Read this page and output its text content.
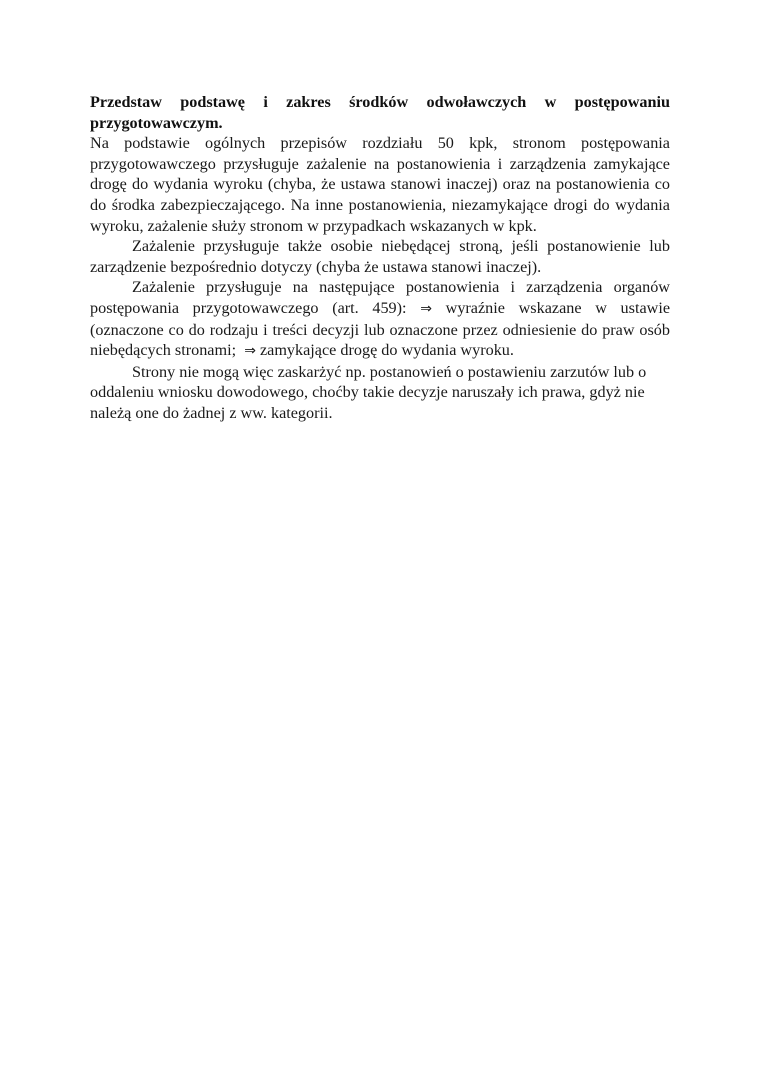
Przedstaw podstawę i zakres środków odwoławczych w postępowaniu przygotowawczym.

Na podstawie ogólnych przepisów rozdziału 50 kpk, stronom postępowania przygotowawczego przysługuje zażalenie na postanowienia i zarządzenia zamykające drogę do wydania wyroku (chyba, że ustawa stanowi inaczej) oraz na postanowienia co do środka zabezpieczającego. Na inne postanowienia, niezamykające drogi do wydania wyroku, zażalenie służy stronom w przypadkach wskazanych w kpk.

Zażalenie przysługuje także osobie niebędącej stroną, jeśli postanowienie lub zarządzenie bezpośrednio dotyczy (chyba że ustawa stanowi inaczej).

Zażalenie przysługuje na następujące postanowienia i zarządzenia organów postępowania przygotowawczego (art. 459): ⇒ wyraźnie wskazane w ustawie (oznaczone co do rodzaju i treści decyzji lub oznaczone przez odniesienie do praw osób niebędących stronami; ⇒ zamykające drogę do wydania wyroku.

Strony nie mogą więc zaskarżyć np. postanowień o postawieniu zarzutów lub o oddaleniu wniosku dowodowego, choćby takie decyzje naruszały ich prawa, gdyż nie należą one do żadnej z ww. kategorii.
